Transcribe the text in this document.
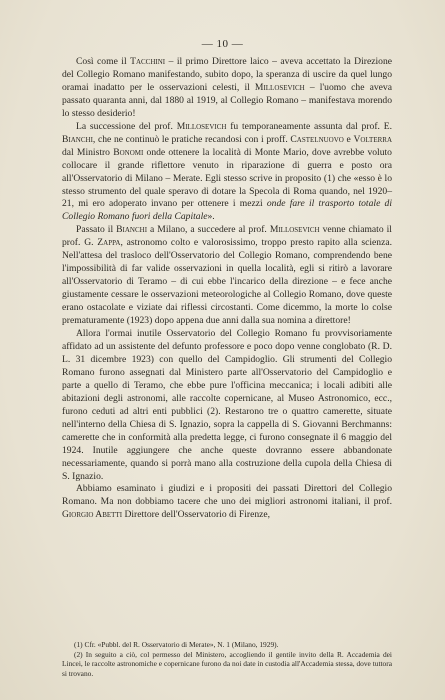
— 10 —

Così come il Tacchini – il primo Direttore laico – aveva accettato la Direzione del Collegio Romano manifestando, subito dopo, la speranza di uscire da quel lungo oramai inadatto per le osservazioni celesti, il Millosevich – l'uomo che aveva passato quaranta anni, dal 1880 al 1919, al Collegio Romano – manifestava morendo lo stesso desiderio!

La successione del prof. Millosevich fu temporaneamente assunta dal prof. E. Bianchi, che ne continuò le pratiche recandosi con i proff. Castelnuovo e Volterra dal Ministro Bonomi onde ottenere la località di Monte Mario, dove avrebbe voluto collocare il grande riflettore venuto in riparazione di guerra e posto ora all'Osservatorio di Milano – Merate. Egli stesso scrive in proposito (1) che «esso è lo stesso strumento del quale speravo di dotare la Specola di Roma quando, nel 1920–21, mi ero adoperato invano per ottenere i mezzi onde fare il trasporto totale di Collegio Romano fuori della Capitale».

Passato il Bianchi a Milano, a succedere al prof. Millosevich venne chiamato il prof. G. Zappa, astronomo colto e valorosissimo, troppo presto rapito alla scienza. Nell'attesa del trasloco dell'Osservatorio del Collegio Romano, comprendendo bene l'impossibilità di far valide osservazioni in quella località, egli si ritirò a lavorare all'Osservatorio di Teramo – di cui ebbe l'incarico della direzione – e fece anche giustamente cessare le osservazioni meteorologiche al Collegio Romano, dove queste erano ostacolate e viziate dai riflessi circostanti. Come dicemmo, la morte lo colse prematuramente (1923) dopo appena due anni dalla sua nomina a direttore!

Allora l'ormai inutile Osservatorio del Collegio Romano fu provvisoriamente affidato ad un assistente del defunto professore e poco dopo venne conglobato (R. D. L. 31 dicembre 1923) con quello del Campidoglio. Gli strumenti del Collegio Romano furono assegnati dal Ministero parte all'Osservatorio del Campidoglio e parte a quello di Teramo, che ebbe pure l'officina meccanica; i locali adibiti alle abitazioni degli astronomi, alle raccolte copernicane, al Museo Astronomico, ecc., furono ceduti ad altri enti pubblici (2). Restarono tre o quattro camerette, situate nell'interno della Chiesa di S. Ignazio, sopra la cappella di S. Giovanni Berchmanns: camerette che in conformità alla predetta legge, ci furono consegnate il 6 maggio del 1924. Inutile aggiungere che anche queste dovranno essere abbandonate necessariamente, quando si porrà mano alla costruzione della cupola della Chiesa di S. Ignazio.

Abbiamo esaminato i giudizi e i propositi dei passati Direttori del Collegio Romano. Ma non dobbiamo tacere che uno dei migliori astronomi italiani, il prof. Giorgio Abetti Direttore dell'Osservatorio di Firenze,

(1) Cfr. «Pubbl. del R. Osservatorio di Merate», N. 1 (Milano, 1929).

(2) In seguito a ciò, col permesso del Ministero, accogliendo il gentile invito della R. Accademia dei Lincei, le raccolte astronomiche e copernicane furono da noi date in custodia all'Accademia stessa, dove tuttora si trovano.
